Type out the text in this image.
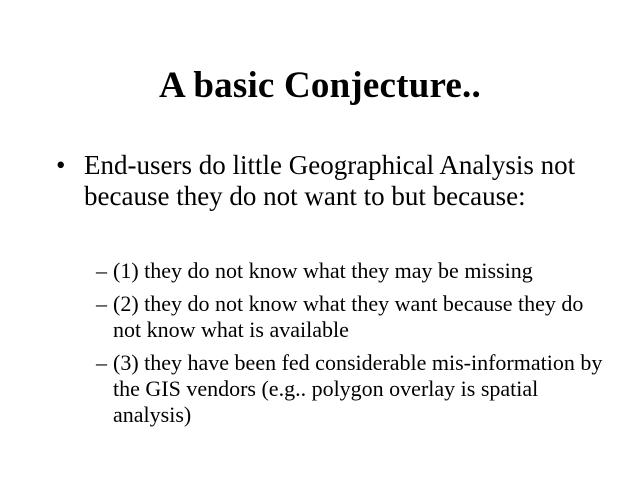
A basic Conjecture..
• End-users do little Geographical Analysis not because they do not want to but because:
– (1) they do not know what they may be missing
– (2) they do not know what they want because they do not know what is available
– (3) they have been fed considerable mis-information by the GIS vendors (e.g.. polygon overlay is spatial analysis)
